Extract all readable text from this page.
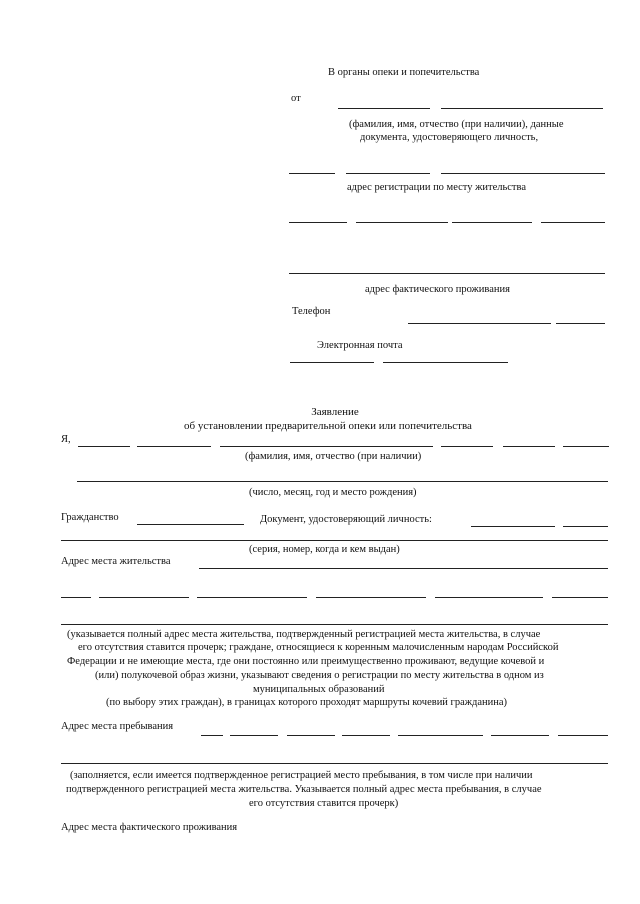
В органы опеки и попечительства
от
(фамилия, имя, отчество (при наличии), данные
документа, удостоверяющего личность,
адрес регистрации по месту жительства
адрес фактического проживания
Телефон
Электронная почта
Заявление
об установлении предварительной опеки или попечительства
Я,
(фамилия, имя, отчество (при наличии)
(число, месяц, год и место рождения)
Гражданство	Документ, удостоверяющий личность:
(серия, номер, когда и кем выдан)
Адрес места жительства
(указывается полный адрес места жительства, подтвержденный регистрацией места жительства, в случае
его отсутствия ставится прочерк; граждане, относящиеся к коренным малочисленным народам Российской
Федерации и не имеющие места, где они постоянно или преимущественно проживают, ведущие кочевой и
(или) полукочевой образ жизни, указывают сведения о регистрации по месту жительства в одном из
муниципальных образований
(по выбору этих граждан), в границах которого проходят маршруты кочевий гражданина)
Адрес места пребывания
(заполняется, если имеется подтвержденное регистрацией место пребывания, в том числе при наличии
подтвержденного регистрацией места жительства. Указывается полный адрес места пребывания, в случае
его отсутствия ставится прочерк)
Адрес места фактического проживания
